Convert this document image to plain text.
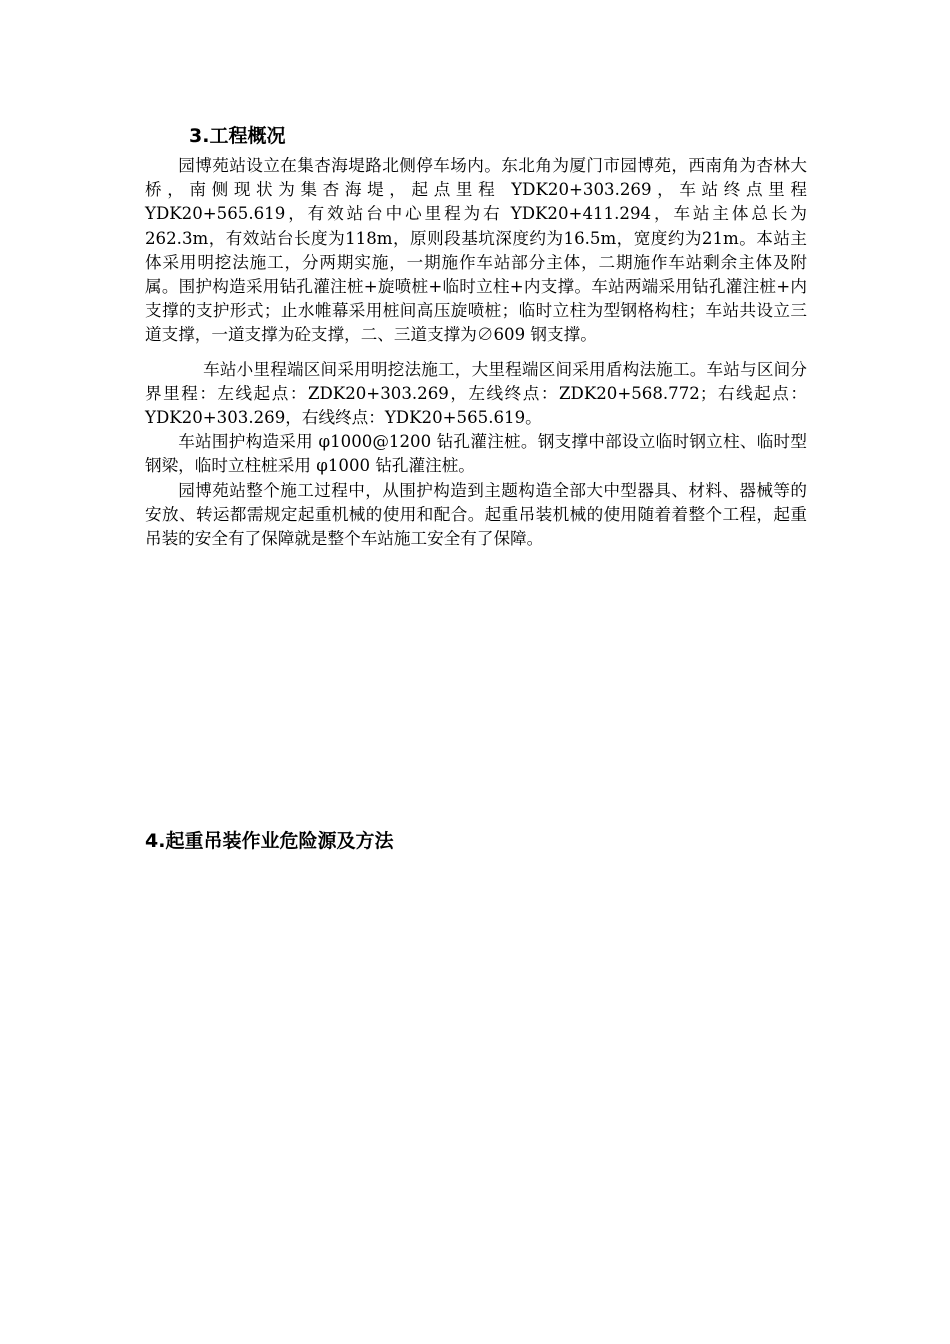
3.工程概况

园博苑站设立在集杏海堤路北侧停车场内。东北角为厦门市园博苑，西南角为杏林大桥，南侧现状为集杏海堤，起点里程 YDK20+303.269，车站终点里程 YDK20+565.619，有效站台中心里程为右 YDK20+411.294，车站主体总长为262.3m，有效站台长度为118m，原则段基坑深度约为16.5m，宽度约为21m。本站主体采用明挖法施工，分两期实施，一期施作车站部分主体，二期施作车站剩余主体及附属。围护构造采用钻孔灌注桩+旋喷桩+临时立柱+内支撑。车站两端采用钻孔灌注桩+内支撑的支护形式；止水帷幕采用桩间高压旋喷桩；临时立柱为型钢格构柱；车站共设立三道支撑，一道支撑为砼支撑，二、三道支撑为∅609 钢支撑。

车站小里程端区间采用明挖法施工，大里程端区间采用盾构法施工。车站与区间分界里程：左线起点：ZDK20+303.269，左线终点：ZDK20+568.772；右线起点：YDK20+303.269，右线终点：YDK20+565.619。

车站围护构造采用 φ1000@1200 钻孔灌注桩。钢支撑中部设立临时钢立柱、临时型钢梁，临时立柱桩采用 φ1000 钻孔灌注桩。

园博苑站整个施工过程中，从围护构造到主题构造全部大中型器具、材料、器械等的安放、转运都需规定起重机械的使用和配合。起重吊装机械的使用随着着整个工程，起重吊装的安全有了保障就是整个车站施工安全有了保障。

4.起重吊装作业危险源及方法
